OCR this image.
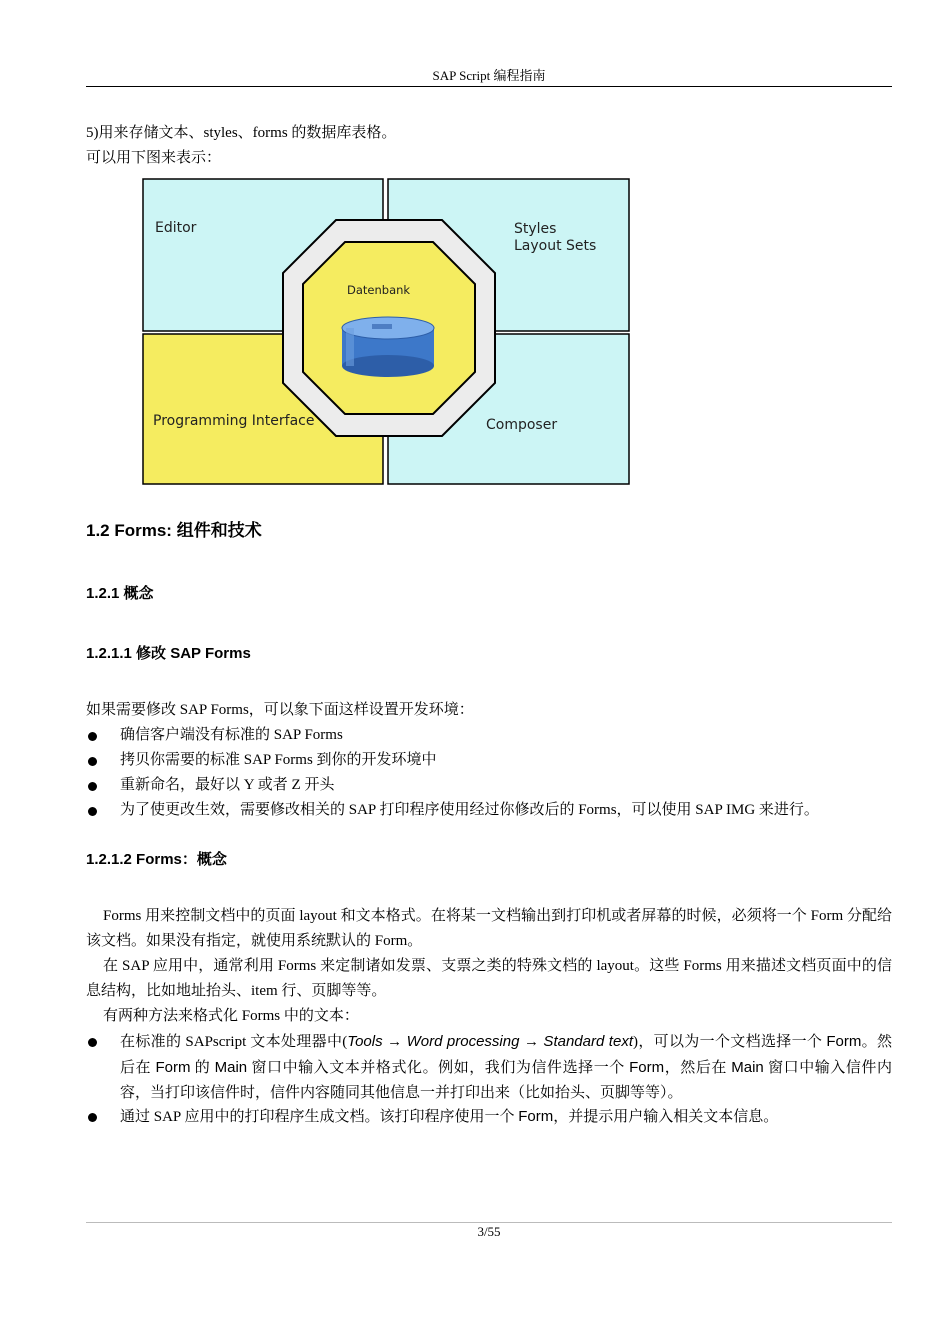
SAP Script 编程指南
5)用来存储文本、styles、forms 的数据库表格。
可以用下图来表示：
Editor	Styles
Layout Sets
Datenbank
Programming Interface	Composer
1.2 Forms: 组件和技术
1.2.1 概念
1.2.1.1 修改 SAP Forms
如果需要修改 SAP Forms，可以象下面这样设置开发环境：
确信客户端没有标准的 SAP Forms
拷贝你需要的标准 SAP Forms 到你的开发环境中
重新命名，最好以 Y 或者 Z 开头
为了使更改生效，需要修改相关的 SAP 打印程序使用经过你修改后的 Forms，可以使用 SAP IMG 来进行。
1.2.1.2 Forms：概念
Forms 用来控制文档中的页面 layout 和文本格式。在将某一文档输出到打印机或者屏幕的时候，必须将一个 Form 分配给该文档。如果没有指定，就使用系统默认的 Form。
在 SAP 应用中，通常利用 Forms 来定制诸如发票、支票之类的特殊文档的 layout。这些 Forms 用来描述文档页面中的信息结构，比如地址抬头、item 行、页脚等等。
有两种方法来格式化 Forms 中的文本：
在标准的 SAPscript 文本处理器中(Tools → Word processing → Standard text)，可以为一个文档选择一个 Form。然后在 Form 的 Main 窗口中输入文本并格式化。例如，我们为信件选择一个 Form，然后在 Main 窗口中输入信件内容，当打印该信件时，信件内容随同其他信息一并打印出来（比如抬头、页脚等等）。
通过 SAP 应用中的打印程序生成文档。该打印程序使用一个 Form，并提示用户输入相关文本信息。
3/55
